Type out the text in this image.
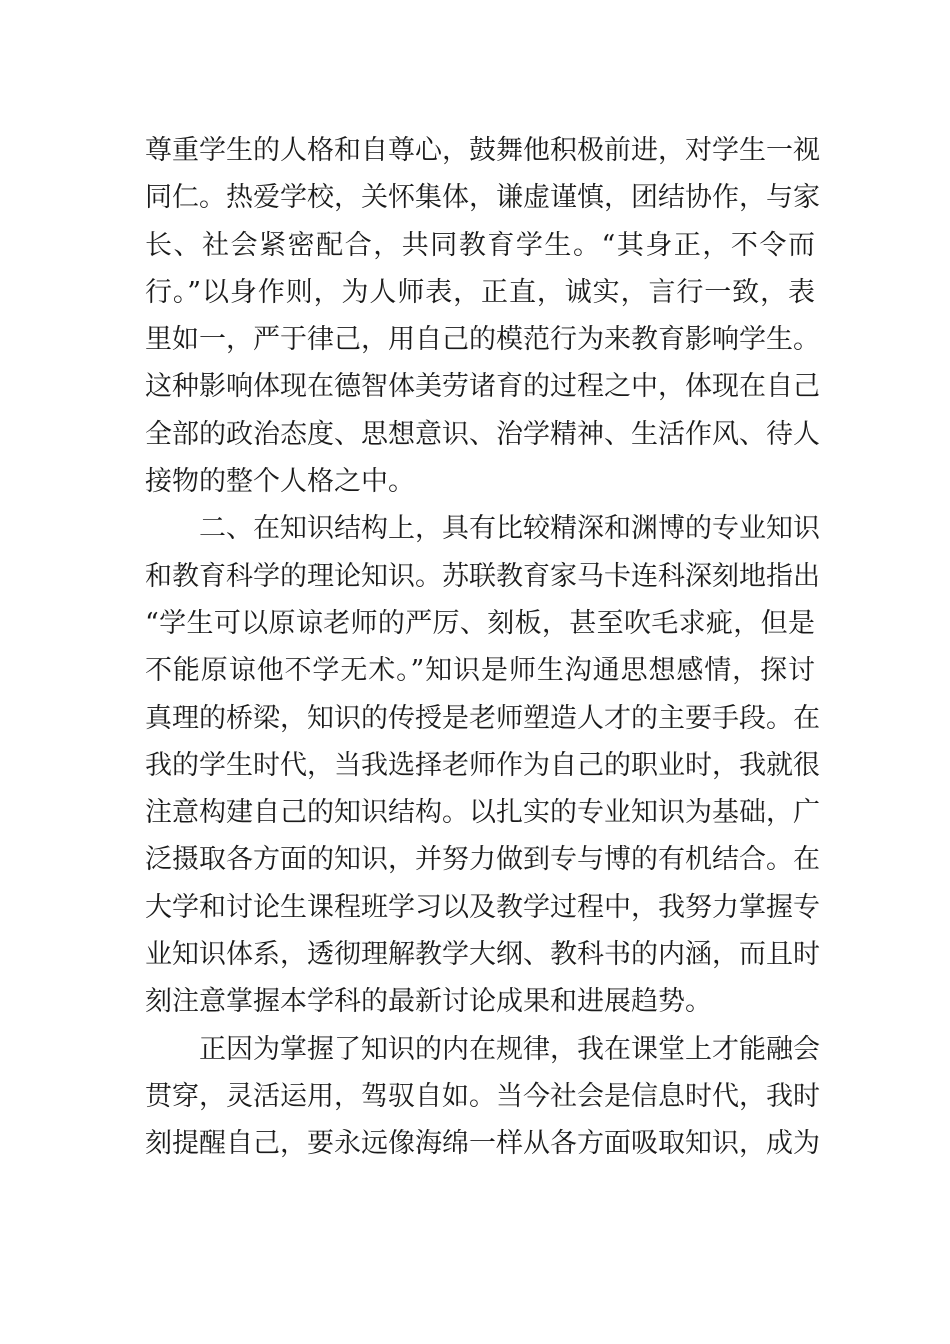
尊重学生的人格和自尊心，鼓舞他积极前进，对学生一视
同仁。热爱学校，关怀集体，谦虚谨慎，团结协作，与家
长、社会紧密配合，共同教育学生。“其身正，不令而
行。”以身作则，为人师表，正直，诚实，言行一致，表
里如一，严于律己，用自己的模范行为来教育影响学生。
这种影响体现在德智体美劳诸育的过程之中，体现在自己
全部的政治态度、思想意识、治学精神、生活作风、待人
接物的整个人格之中。
二、在知识结构上，具有比较精深和渊博的专业知识
和教育科学的理论知识。苏联教育家马卡连科深刻地指出
“学生可以原谅老师的严厉、刻板，甚至吹毛求疵，但是
不能原谅他不学无术。”知识是师生沟通思想感情，探讨
真理的桥梁，知识的传授是老师塑造人才的主要手段。在
我的学生时代，当我选择老师作为自己的职业时，我就很
注意构建自己的知识结构。以扎实的专业知识为基础，广
泛摄取各方面的知识，并努力做到专与博的有机结合。在
大学和讨论生课程班学习以及教学过程中，我努力掌握专
业知识体系，透彻理解教学大纲、教科书的内涵，而且时
刻注意掌握本学科的最新讨论成果和进展趋势。
正因为掌握了知识的内在规律，我在课堂上才能融会
贯穿，灵活运用，驾驭自如。当今社会是信息时代，我时
刻提醒自己，要永远像海绵一样从各方面吸取知识，成为
